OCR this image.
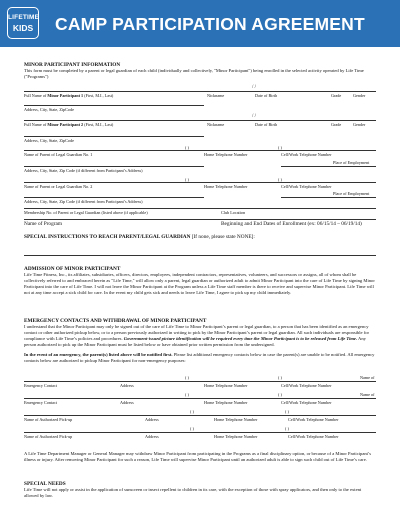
LIFETIME
KIDS CAMP PARTICIPATION AGREEMENT

MINOR PARTICIPANT INFORMATION

This form must be completed by a parent or legal guardian of each child (individually and collectively, "Minor Participant") being enrolled in the selected activity operated by Life Time ("Programs")

/ /
Full Name of Minor Participant 1 (First, M.I., Last)	Nickname	Date of Birth	Grade	Gender
Address, City, State, ZipCode
/ /
Full Name of Minor Participant 2 (First, M.I., Last)	Nickname	Date of Birth	Grade	Gender
Address, City, State, ZipCode
( )	( )
Name of Parent of Legal Guardian No. 1	Home Telephone Number	Cell/Work Telephone Number
Place of Employment
Address, City, State, Zip Code (if different from Participant’s Address)
( )	( )
Name of Parent or Legal Guardian No. 2	Home Telephone Number	Cell/Work Telephone Number
Place of Employment
Address, City, State, Zip Code (if different from Participant’s Address)
Membership No. of Parent or Legal Guardian (listed above (if applicable)	Club Location
Name of Program	Beginning and End Dates of Enrollment (ex: 06/15/14 – 06/19/14)

SPECIAL INSTRUCTIONS TO REACH PARENT/LEGAL GUARDIAN [If none, please state NONE]:

ADMISSION OF MINOR PARTICIPANT

Life Time Fitness, Inc., its affiliates, subsidiaries, officers, directors, employees, independent contractors, representatives, volunteers, and successors or assigns, all of whom shall be collectively referred to and embraced herein as "Life Time," will allow only a parent, legal guardian or authorized adult to admit Minor Participant into the care of Life Time by signing Minor Participant into the care of Life Time. I will not leave the Minor Participant at the Program unless a Life Time staff member is there to receive and supervise Minor Participant. Life Time will not at any time accept a sick child for care. In the event my child gets sick and needs to leave Life Time, I agree to pick up my child immediately.

EMERGENCY CONTACTS AND WITHDRAWAL OF MINOR PARTICIPANT

I understand that the Minor Participant may only be signed out of the care of Life Time to Minor Participant’s parent or legal guardian, to a person that has been identified as an emergency contact or other authorized pickup below, or to a person previously authorized in writing to pick by the Minor Participant’s parent or legal guardian. All such individuals are responsible for compliance with Life Time’s policies and procedures. Government-issued picture identification will be required every time the Minor Participant is to be released from Life Time. Any person authorized to pick up the Minor Participant must be listed below or have obtained prior written permission from the undersigned.

In the event of an emergency, the parent(s) listed above will be notified first. Please list additional emergency contacts below in case the parent(s) are unable to be notified. All emergency contacts below are authorized to pickup Minor Participant for non-emergency purposes:

( )	( )	Name of
Emergency Contact	Address	Home Telephone Number	Cell/Work Telephone Number
( )	( )	Name of
Emergency Contact	Address	Home Telephone Number	Cell/Work Telephone Number
( )	( )
Name of Authorized Pick-up	Address	Home Telephone Number	Cell/Work Telephone Number
( )	( )
Name of Authorized Pick-up	Address	Home Telephone Number	Cell/Work Telephone Number

A Life Time Department Manager or General Manager may withdraw Minor Participant from participating in the Programs as a final disciplinary option, or because of a Minor Participant’s illness or injury. After removing Minor Participant for such a reason, Life Time will supervise Minor Participant until an authorized adult is able to sign such child out of Life Time’s care.

SPECIAL NEEDS

Life Time will not apply or assist in the application of sunscreen or insect repellent to children in its care, with the exception of those with spray applicators, and then only to the extent allowed by law.
